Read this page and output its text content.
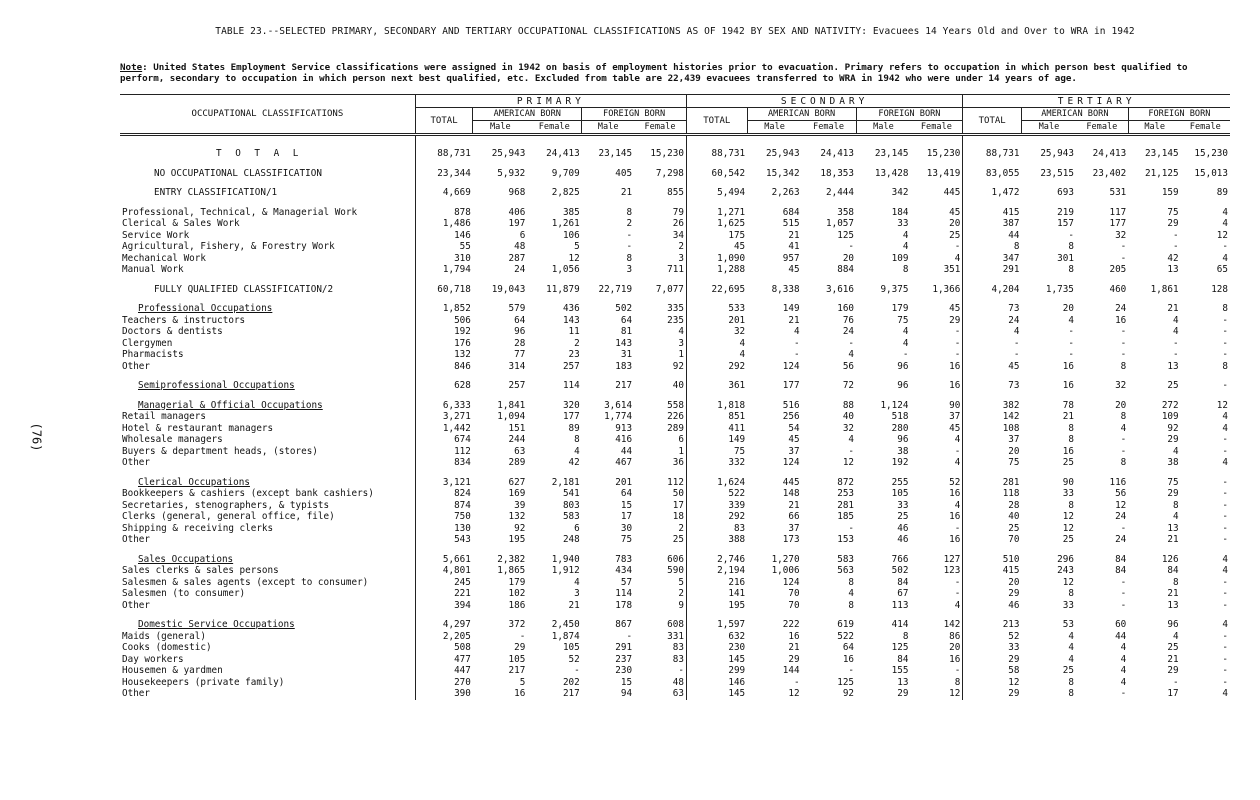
TABLE 23.--SELECTED PRIMARY, SECONDARY AND TERTIARY OCCUPATIONAL CLASSIFICATIONS AS OF 1942 BY SEX AND NATIVITY: Evacuees 14 Years Old and Over to WRA in 1942
Note: United States Employment Service classifications were assigned in 1942 on basis of employment histories prior to evacuation. Primary refers to occupation in which person best qualified to perform, secondary to occupation in which person next best qualified, etc. Excluded from table are 22,439 evacuees transferred to WRA in 1942 who were under 14 years of age.
(76)
OCCUPATIONAL CLASSIFICATIONS	PRIMARY					SECONDARY					TERTIARY				
	TOTAL	AMERICAN BORN		FOREIGN BORN		TOTAL	AMERICAN BORN		FOREIGN BORN		TOTAL	AMERICAN BORN		FOREIGN BORN	
		Male	Female	Male	Female		Male	Female	Male	Female		Male	Female	Male	Female

T O T A L	88,731	25,943	24,413	23,145	15,230	88,731	25,943	24,413	23,145	15,230	88,731	25,943	24,413	23,145	15,230

NO OCCUPATIONAL CLASSIFICATION	23,344	5,932	9,709	405	7,298	60,542	15,342	18,353	13,428	13,419	83,055	23,515	23,402	21,125	15,013

ENTRY CLASSIFICATION/1	4,669	968	2,825	21	855	5,494	2,263	2,444	342	445	1,472	693	531	159	89

Professional, Technical, & Managerial Work	878	406	385	8	79	1,271	684	358	184	45	415	219	117	75	4
Clerical & Sales Work	1,486	197	1,261	2	26	1,625	515	1,057	33	20	387	157	177	29	4
Service Work	146	6	106	-	34	175	21	125	4	25	44	-	32	-	12
Agricultural, Fishery, & Forestry Work	55	48	5	-	2	45	41	-	4	-	8	8	-	-	-
Mechanical Work	310	287	12	8	3	1,090	957	20	109	4	347	301	-	42	4
Manual Work	1,794	24	1,056	3	711	1,288	45	884	8	351	291	8	205	13	65

FULLY QUALIFIED CLASSIFICATION/2	60,718	19,043	11,879	22,719	7,077	22,695	8,338	3,616	9,375	1,366	4,204	1,735	460	1,861	128

Professional Occupations	1,852	579	436	502	335	533	149	160	179	45	73	20	24	21	8
Teachers & instructors	506	64	143	64	235	201	21	76	75	29	24	4	16	4	-
Doctors & dentists	192	96	11	81	4	32	4	24	4	-	4	-	-	4	-
Clergymen	176	28	2	143	3	4	-	-	4	-	-	-	-	-	-
Pharmacists	132	77	23	31	1	4	-	4	-	-	-	-	-	-	-
Other	846	314	257	183	92	292	124	56	96	16	45	16	8	13	8

Semiprofessional Occupations	628	257	114	217	40	361	177	72	96	16	73	16	32	25	-

Managerial & Official Occupations	6,333	1,841	320	3,614	558	1,818	516	88	1,124	90	382	78	20	272	12
Retail managers	3,271	1,094	177	1,774	226	851	256	40	518	37	142	21	8	109	4
Hotel & restaurant managers	1,442	151	89	913	289	411	54	32	280	45	108	8	4	92	4
Wholesale managers	674	244	8	416	6	149	45	4	96	4	37	8	-	29	-
Buyers & department heads, (stores)	112	63	4	44	1	75	37	-	38	-	20	16	-	4	-
Other	834	289	42	467	36	332	124	12	192	4	75	25	8	38	4

Clerical Occupations	3,121	627	2,181	201	112	1,624	445	872	255	52	281	90	116	75	-
Bookkeepers & cashiers (except bank cashiers)	824	169	541	64	50	522	148	253	105	16	118	33	56	29	-
Secretaries, stenographers, & typists	874	39	803	15	17	339	21	281	33	4	28	8	12	8	-
Clerks (general, general office, file)	750	132	583	17	18	292	66	185	25	16	40	12	24	4	-
Shipping & receiving clerks	130	92	6	30	2	83	37	-	46	-	25	12	-	13	-
Other	543	195	248	75	25	388	173	153	46	16	70	25	24	21	-

Sales Occupations	5,661	2,382	1,940	783	606	2,746	1,270	583	766	127	510	296	84	126	4
Sales clerks & sales persons	4,801	1,865	1,912	434	590	2,194	1,006	563	502	123	415	243	84	84	4
Salesmen & sales agents (except to consumer)	245	179	4	57	5	216	124	8	84	-	20	12	-	8	-
Salesmen (to consumer)	221	102	3	114	2	141	70	4	67	-	29	8	-	21	-
Other	394	186	21	178	9	195	70	8	113	4	46	33	-	13	-

Domestic Service Occupations	4,297	372	2,450	867	608	1,597	222	619	414	142	213	53	60	96	4
Maids (general)	2,205	-	1,874	-	331	632	16	522	8	86	52	4	44	4	-
Cooks (domestic)	508	29	105	291	83	230	21	64	125	20	33	4	4	25	-
Day workers	477	105	52	237	83	145	29	16	84	16	29	4	4	21	-
Housemen & yardmen	447	217	-	230	-	299	144	-	155	-	58	25	4	29	-
Housekeepers (private family)	270	5	202	15	48	146	-	125	13	8	12	8	4	-	-
Other	390	16	217	94	63	145	12	92	29	12	29	8	-	17	4
